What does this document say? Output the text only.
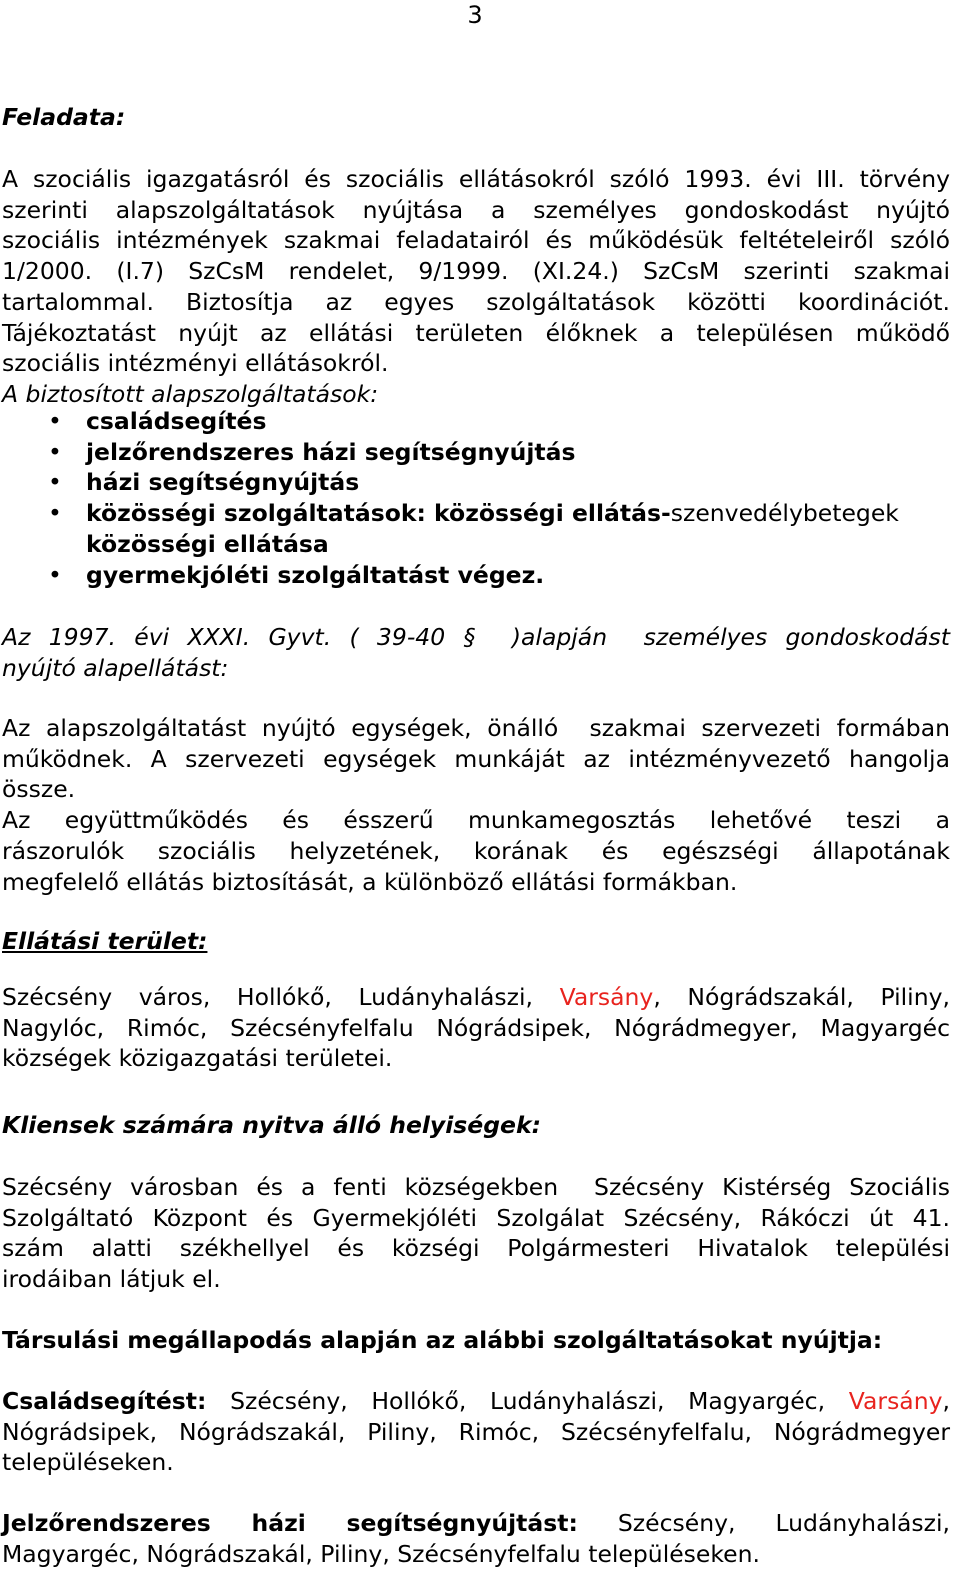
3
Feladata:
A szociális igazgatásról és szociális ellátásokról szóló 1993. évi III. törvény
szerinti alapszolgáltatások nyújtása a személyes gondoskodást nyújtó
szociális intézmények szakmai feladatairól és működésük feltételeiről szóló
1/2000. (I.7) SzCsM rendelet, 9/1999. (XI.24.) SzCsM szerinti szakmai
tartalommal. Biztosítja az egyes szolgáltatások közötti koordinációt.
Tájékoztatást nyújt az ellátási területen élőknek a településen működő
szociális intézményi ellátásokról.
A biztosított alapszolgáltatások:
• családsegítés
• jelzőrendszeres házi segítségnyújtás
• házi segítségnyújtás
• közösségi szolgáltatások: közösségi ellátás-szenvedélybetegek
közösségi ellátása
• gyermekjóléti szolgáltatást végez.
Az 1997. évi XXXI. Gyvt. ( 39-40 §  )alapján  személyes gondoskodást
nyújtó alapellátást:
Az alapszolgáltatást nyújtó egységek, önálló  szakmai szervezeti formában
működnek. A szervezeti egységek munkáját az intézményvezető hangolja
össze.
Az együttműködés és ésszerű munkamegosztás lehetővé teszi a
rászorulók szociális helyzetének, korának és egészségi állapotának
megfelelő ellátás biztosítását, a különböző ellátási formákban.
Ellátási terület:
Szécsény város, Hollókő, Ludányhalászi, Varsány, Nógrádszakál, Piliny,
Nagylóc, Rimóc, Szécsényfelfalu Nógrádsipek, Nógrádmegyer, Magyargéc
községek közigazgatási területei.
Kliensek számára nyitva álló helyiségek:
Szécsény városban és a fenti községekben  Szécsény Kistérség Szociális
Szolgáltató Központ és Gyermekjóléti Szolgálat Szécsény, Rákóczi út 41.
szám alatti székhellyel és községi Polgármesteri Hivatalok települési
irodáiban látjuk el.
Társulási megállapodás alapján az alábbi szolgáltatásokat nyújtja:
Családsegítést: Szécsény, Hollókő, Ludányhalászi, Magyargéc, Varsány,
Nógrádsipek, Nógrádszakál, Piliny, Rimóc, Szécsényfelfalu, Nógrádmegyer
településeken.
Jelzőrendszeres házi segítségnyújtást: Szécsény, Ludányhalászi,
Magyargéc, Nógrádszakál, Piliny, Szécsényfelfalu településeken.
